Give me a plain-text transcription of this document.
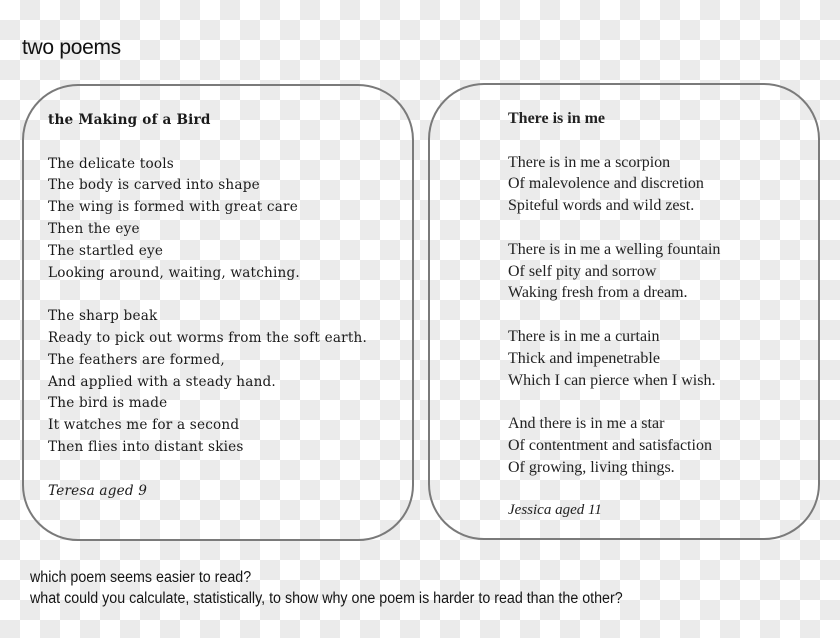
two poems
the Making of a Bird
The delicate tools
The body is carved into shape
The wing is formed with great care
Then the eye
The startled eye
Looking around, waiting, watching.
The sharp beak
Ready to pick out worms from the soft earth.
The feathers are formed,
And applied with a steady hand.
The bird is made
It watches me for a second
Then flies into distant skies
Teresa aged 9
There is in me
There is in me a scorpion
Of malevolence and discretion
Spiteful words and wild zest.
There is in me a welling fountain
Of self pity and sorrow
Waking fresh from a dream.
There is in me a curtain
Thick and impenetrable
Which I can pierce when I wish.
And there is in me a star
Of contentment and satisfaction
Of growing, living things.
Jessica aged 11
which poem seems easier to read?
what could you calculate, statistically, to show why one poem is harder to read than the other?
